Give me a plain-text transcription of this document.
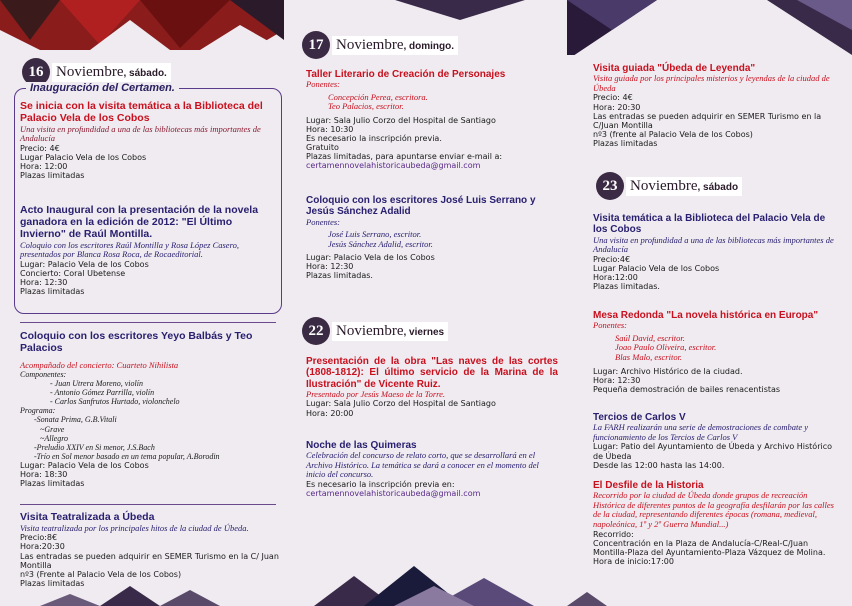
16 Noviembre, sábado.
Inauguración del Certamen.
Se inicia con la visita temática a la Biblioteca del Palacio Vela de los Cobos
Una visita en profundidad a una de las bibliotecas más importantes de Andalucía
Precio: 4€
Lugar Palacio Vela de los Cobos
Hora: 12:00
Plazas limitadas
Acto Inaugural con la presentación de la novela ganadora en la edición de 2012: "El Último Invierno" de Raúl Montilla.
Coloquio con los escritores Raúl Montilla y Rosa López Casero, presentados por Blanca Rosa Roca, de Rocaeditorial.
Lugar: Palacio Vela de los Cobos
Concierto: Coral Ubetense
Hora: 12:30
Plazas limitadas
Coloquio con los escritores Yeyo Balbás y Teo Palacios
Acompañado del concierto: Cuarteto Nihilista
Componentes:
- Juan Utrera Moreno, violín
- Antonio Gómez Parrilla, violín
- Carlos Sanfrutos Hurtado, violonchelo
Programa:
-Sonata Prima, G.B.Vitali
~Grave
~Allegro
-Preludio XXIV en Si menor, J.S.Bach
-Trío en Sol menor basado en un tema popular, A.Borodin
Lugar: Palacio Vela de los Cobos
Hora: 18:30
Plazas limitadas
Visita Teatralizada a Úbeda
Visita teatralizada por los principales hitos de la ciudad de Úbeda.
Precio:8€
Hora:20:30
Las entradas se pueden adquirir en SEMER Turismo en la C/ Juan Montilla
nº3 (Frente al Palacio Vela de los Cobos)
Plazas limitadas
17 Noviembre, domingo.
Taller Literario de Creación de Personajes
Ponentes:
Concepción Perea, escritora.
Teo Palacios, escritor.
Lugar: Sala Julio Corzo del Hospital de Santiago
Hora: 10:30
Es necesario la inscripción previa.
Gratuito
Plazas limitadas, para apuntarse enviar e-mail a:
certamennovelahistoricaubeda@gmail.com
Coloquio con los escritores José Luis Serrano y Jesús Sánchez Adalid
Ponentes:
José Luis Serrano, escritor.
Jesús Sánchez Adalid, escritor.
Lugar: Palacio Vela de los Cobos
Hora: 12:30
Plazas limitadas.
22 Noviembre, viernes
Presentación de la obra "Las naves de las cortes (1808-1812): El último servicio de la Marina de la Ilustración" de Vicente Ruiz.
Presentado por Jesús Maeso de la Torre.
Lugar: Sala Julio Corzo del Hospital de Santiago
Hora: 20:00
Noche de las Quimeras
Celebración del concurso de relato corto, que se desarrollará en el Archivo Histórico. La temática se dará a conocer en el momento del inicio del concurso.
Es necesario la inscripción previa en:
certamennovelahistoricaubeda@gmail.com
Visita guiada "Úbeda de Leyenda"
Visita guiada por los principales misterios y leyendas de la ciudad de Úbeda
Precio: 4€
Hora: 20:30
Las entradas se pueden adquirir en SEMER Turismo en la C/Juan Montilla
nº3 (frente al Palacio Vela de los Cobos)
Plazas limitadas
23 Noviembre, sábado
Visita temática a la Biblioteca del Palacio Vela de los Cobos
Una visita en profundidad a una de las bibliotecas más importantes de Andalucía
Precio:4€
Lugar Palacio Vela de los Cobos
Hora:12:00
Plazas limitadas.
Mesa Redonda "La novela histórica en Europa"
Ponentes:
Saúl David, escritor.
Joao Paulo Oliveira, escritor.
Blas Malo, escritor.
Lugar: Archivo Histórico de la ciudad.
Hora: 12:30
Pequeña demostración de bailes renacentistas
Tercios de Carlos V
La FARH realizarán una serie de demostraciones de combate y funcionamiento de los Tercios de Carlos V
Lugar: Patio del Ayuntamiento de Úbeda y Archivo Histórico de Úbeda
Desde las 12:00 hasta las 14:00.
El Desfile de la Historia
Recorrido por la ciudad de Úbeda donde grupos de recreación Histórica de diferentes puntos de la geografía desfilarán por las calles de la ciudad, representando diferentes épocas (romana, medieval, napoleónica, 1º y 2º Guerra Mundial...)
Recorrido:
Concentración en la Plaza de Andalucía-C/Real-C/Juan Montilla-Plaza del Ayuntamiento-Plaza Vázquez de Molina.
Hora de inicio:17:00
